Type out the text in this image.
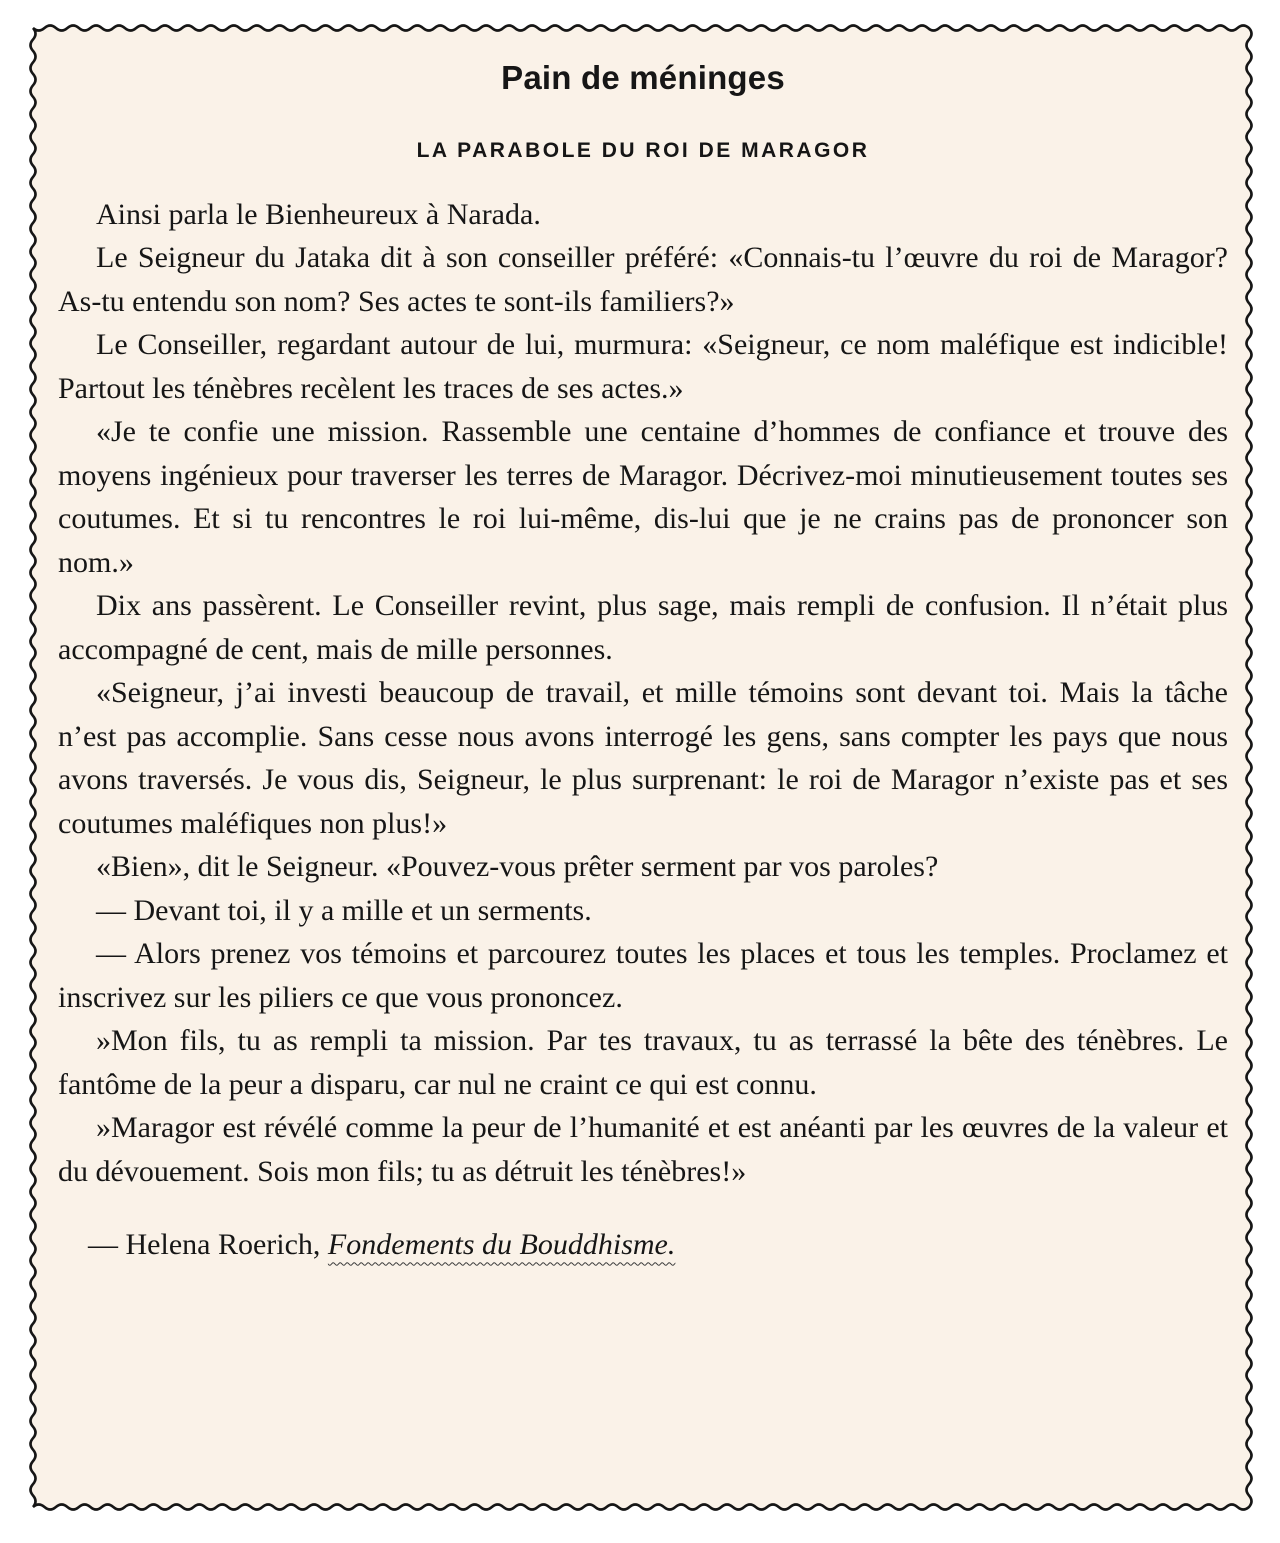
Pain de méninges
LA PARABOLE DU ROI DE MARAGOR

Ainsi parla le Bienheureux à Narada.

Le Seigneur du Jataka dit à son conseiller préféré: «Connais-tu l’œuvre du roi de Maragor? As-tu entendu son nom? Ses actes te sont-ils familiers?»

Le Conseiller, regardant autour de lui, murmura: «Seigneur, ce nom maléfique est indicible! Partout les ténèbres recèlent les traces de ses actes.»

«Je te confie une mission. Rassemble une centaine d’hommes de confiance et trouve des moyens ingénieux pour traverser les terres de Maragor. Décrivez-moi minutieusement toutes ses coutumes. Et si tu rencontres le roi lui-même, dis-lui que je ne crains pas de prononcer son nom.»

Dix ans passèrent. Le Conseiller revint, plus sage, mais rempli de confusion. Il n’était plus accompagné de cent, mais de mille personnes.

«Seigneur, j’ai investi beaucoup de travail, et mille témoins sont devant toi. Mais la tâche n’est pas accomplie. Sans cesse nous avons interrogé les gens, sans compter les pays que nous avons traversés. Je vous dis, Seigneur, le plus surprenant: le roi de Maragor n’existe pas et ses coutumes maléfiques non plus!»

«Bien», dit le Seigneur. «Pouvez-vous prêter serment par vos paroles?

— Devant toi, il y a mille et un serments.

— Alors prenez vos témoins et parcourez toutes les places et tous les temples. Proclamez et inscrivez sur les piliers ce que vous prononcez.

»Mon fils, tu as rempli ta mission. Par tes travaux, tu as terrassé la bête des ténèbres. Le fantôme de la peur a disparu, car nul ne craint ce qui est connu.

»Maragor est révélé comme la peur de l’humanité et est anéanti par les œuvres de la valeur et du dévouement. Sois mon fils; tu as détruit les ténèbres!»

— Helena Roerich, Fondements du Bouddhisme.
